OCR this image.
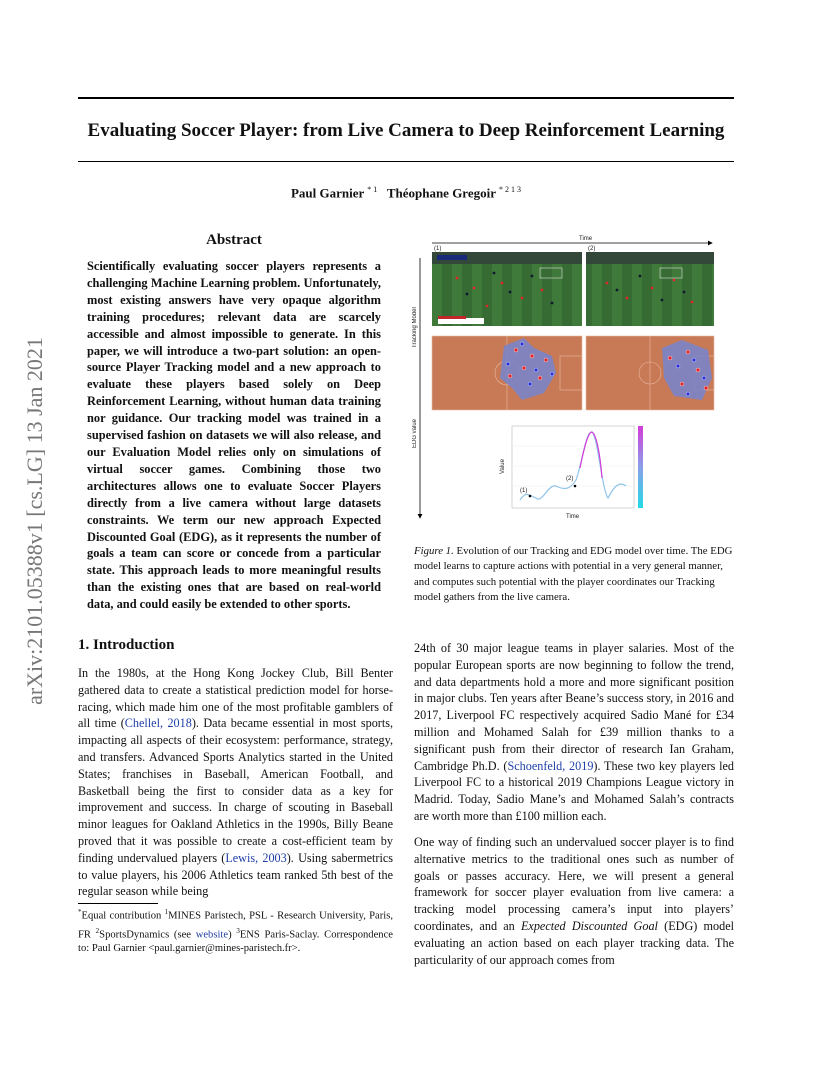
Evaluating Soccer Player: from Live Camera to Deep Reinforcement Learning
Paul Garnier $^{* 1}$ Théophane Gregoir $^{* 2 1 3}$
arXiv:2101.05388v1 [cs.LG] 13 Jan 2021
Abstract
Scientifically evaluating soccer players represents a challenging Machine Learning problem. Unfortunately, most existing answers have very opaque algorithm training procedures; relevant data are scarcely accessible and almost impossible to generate. In this paper, we will introduce a two-part solution: an open-source Player Tracking model and a new approach to evaluate these players based solely on Deep Reinforcement Learning, without human data training nor guidance. Our tracking model was trained in a supervised fashion on datasets we will also release, and our Evaluation Model relies only on simulations of virtual soccer games. Combining those two architectures allows one to evaluate Soccer Players directly from a live camera without large datasets constraints. We term our new approach Expected Discounted Goal (EDG), as it represents the number of goals a team can score or concede from a particular state. This approach leads to more meaningful results than the existing ones that are based on real-world data, and could easily be extended to other sports.
1. Introduction
In the 1980s, at the Hong Kong Jockey Club, Bill Benter gathered data to create a statistical prediction model for horse-racing, which made him one of the most profitable gamblers of all time (Chellel, 2018). Data became essential in most sports, impacting all aspects of their ecosystem: performance, strategy, and transfers. Advanced Sports Analytics started in the United States; franchises in Baseball, American Football, and Basketball being the first to consider data as a key for improvement and success. In charge of scouting in Baseball minor leagues for Oakland Athletics in the 1990s, Billy Beane proved that it was possible to create a cost-efficient team by finding undervalued players (Lewis, 2003). Using sabermetrics to value players, his 2006 Athletics team ranked 5th best of the regular season while being
*Equal contribution $^1$MINES Paristech, PSL - Research University, Paris, FR $^2$SportsDynamics (see website) $^3$ENS Paris-Saclay. Correspondence to: Paul Garnier <paul.garnier@mines-paristech.fr>.
24th of 30 major league teams in player salaries. Most of the popular European sports are now beginning to follow the trend, and data departments hold a more and more significant position in major clubs. Ten years after Beane’s success story, in 2016 and 2017, Liverpool FC respectively acquired Sadio Mané for £34 million and Mohamed Salah for £39 million thanks to a significant push from their director of research Ian Graham, Cambridge Ph.D. (Schoenfeld, 2019). These two key players led Liverpool FC to a historical 2019 Champions League victory in Madrid. Today, Sadio Mane’s and Mohamed Salah’s contracts are worth more than £100 million each.
One way of finding such an undervalued soccer player is to find alternative metrics to the traditional ones such as number of goals or passes accuracy. Here, we will present a general framework for soccer player evaluation from live camera: a tracking model processing camera’s input into players’ coordinates, and an Expected Discounted Goal (EDG) model evaluating an action based on each player tracking data. The particularity of our approach comes from
Figure 1. Evolution of our Tracking and EDG model over time. The EDG model learns to capture actions with potential in a very general manner, and computes such potential with the player coordinates our Tracking model gathers from the live camera.
Time
(1)	(2)
Tracking Model
EDG value
(1)
(2)
Value
Time
